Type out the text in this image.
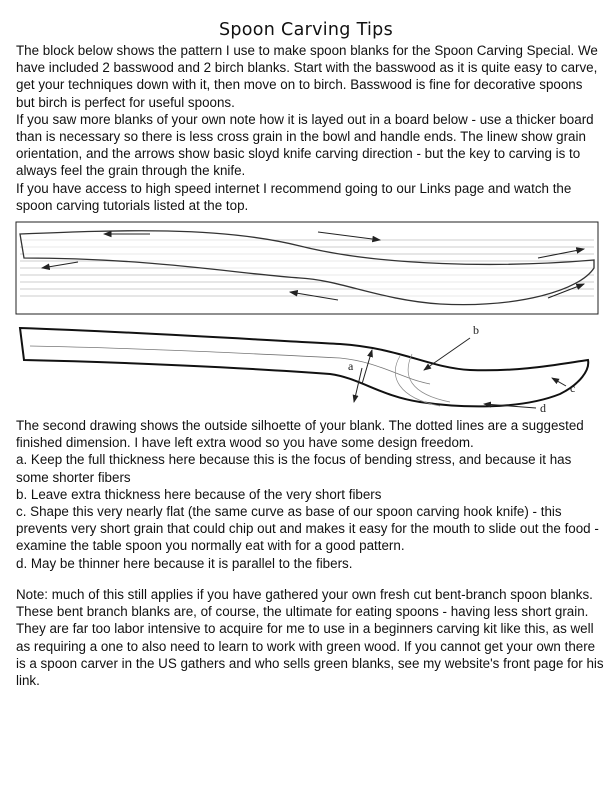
Spoon Carving Tips

The block below shows the pattern I use to make spoon blanks for the Spoon Carving Special. We have included 2 basswood and 2 birch blanks. Start with the basswood as it is quite easy to carve, get your techniques down with it, then move on to birch. Basswood is fine for decorative spoons but birch is perfect for useful spoons.

If you saw more blanks of your own note how it is layed out in a board below - use a thicker board than is necessary so there is less cross grain in the bowl and handle ends. The linew show grain orientation, and the arrows show basic sloyd knife carving direction - but the key to carving is to always feel the grain through the knife.

If you have access to high speed internet I recommend going to our Links page and watch the spoon carving tutorials listed at the top.

a
b
c
d

The second drawing shows the outside silhoette of your blank. The dotted lines are a suggested finished dimension. I have left extra wood so you have some design freedom.

a. Keep the full thickness here because this is the focus of bending stress, and because it has some shorter fibers

b. Leave extra thickness here because of the very short fibers

c. Shape this very nearly flat (the same curve as base of our spoon carving hook knife) - this prevents very short grain that could chip out and makes it easy for the mouth to slide out the food - examine the table spoon you normally eat with for a good pattern.

d. May be thinner here because it is parallel to the fibers.

Note: much of this still applies if you have gathered your own fresh cut bent-branch spoon blanks. These bent branch blanks are, of course, the ultimate for eating spoons - having less short grain. They are far too labor intensive to acquire for me to use in a beginners carving kit like this, as well as requiring a one to also need to learn to work with green wood. If you cannot get your own there is a spoon carver in the US gathers and who sells green blanks, see my website's front page for his link.
